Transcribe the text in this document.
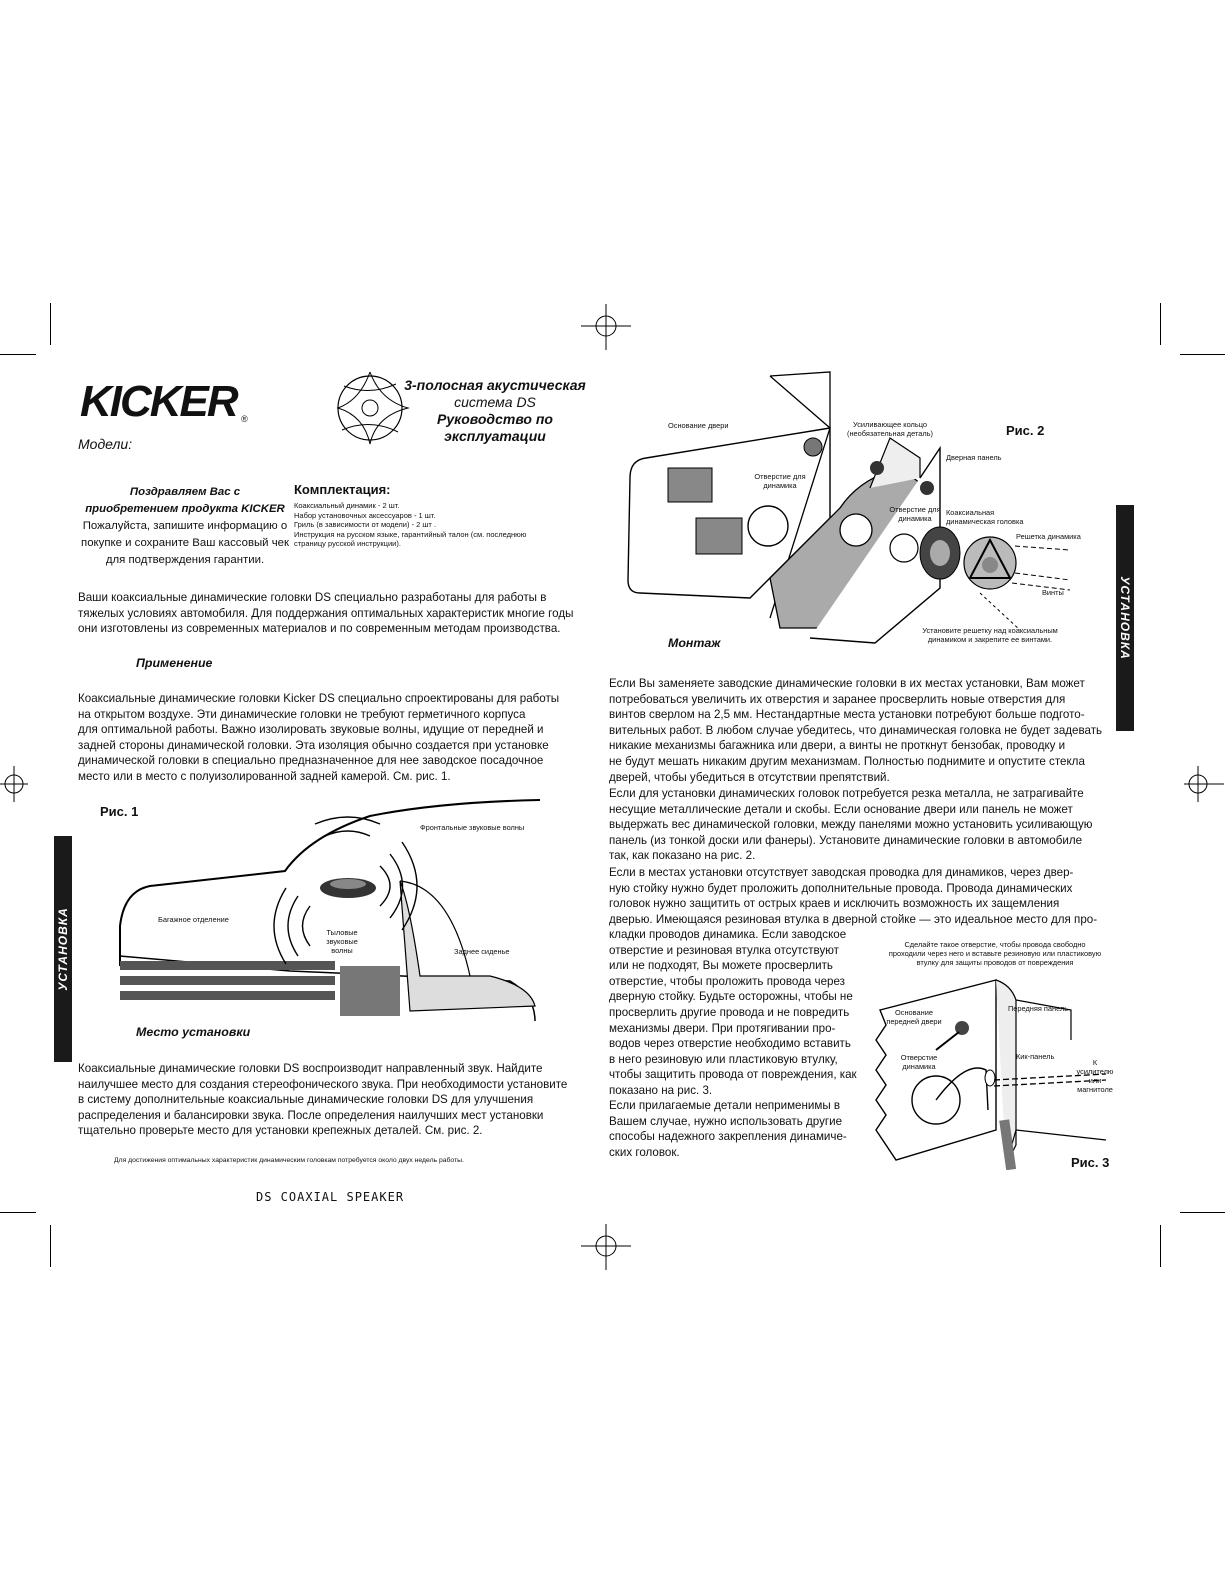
KICKER ®
3-полосная акустическая
система DS
Руководство по эксплуатации
Модели:
Поздравляем Вас с
приобретением продукта KICKER
Пожалуйста, запишите информацию о
покупке и сохраните Ваш кассовый чек
для подтверждения гарантии.
Комплектация:
Коаксиальный динамик - 2 шт.
Набор установочных аксессуаров - 1 шт.
Гриль (в зависимости от модели) - 2 шт .
Инструкция на русском языке, гарантийный талон (см. последнюю
страницу русской инструкции).

Ваши коаксиальные динамические головки DS специально разработаны для работы в

тяжелых условиях автомобиля. Для поддержания оптимальных характеристик многие годы

они изготовлены из современных материалов и по современным методам производства.

Применение

Коаксиальные динамические головки Kicker DS специально спроектированы для работы

на открытом воздухе. Эти динамические головки не требуют герметичного корпуса

для оптимальной работы. Важно изолировать звуковые волны, идущие от передней и

задней стороны динамической головки. Эта изоляция обычно создается при установке

динамической головки в специально предназначенное для нее заводское посадочное

место или в место с полуизолированной задней камерой. См. рис. 1.

УСТАНОВКА
Рис. 1
Фронтальные звуковые волны
Багажное отделение
Тыловые
звуковые
волны	Заднее сиденье
Место установки

Коаксиальные динамические головки DS воспроизводит направленный звук. Найдите

наилучшее место для создания стереофонического звука. При необходимости установите

в систему дополнительные коаксиальные динамические головки DS для улучшения

распределения и балансировки звука. После определения наилучших мест установки

тщательно проверьте место для установки крепежных деталей. См. рис. 2.

Для достижения оптимальных характеристик динамическим головкам потребуется около двух недель работы.
DS COAXIAL SPEAKER
УСТАНОВКА
Рис. 2
Основание двери	Усиливающее кольцо
(необязательная деталь)
Дверная панель
Отверстие для
динамика
Отверстие для
динамика
Коаксиальная
динамическая головка
Решетка динамика
Винты
Установите решетку над коаксиальным
динамиком и закрепите ее винтами.
Монтаж

Если Вы заменяете заводские динамические головки в их местах установки, Вам может

потребоваться увеличить их отверстия и заранее просверлить новые отверстия для

винтов сверлом на 2,5 мм. Нестандартные места установки потребуют больше подгото-

вительных работ. В любом случае убедитесь, что динамическая головка не будет задевать

никакие механизмы багажника или двери, а винты не проткнут бензобак, проводку и

не будут мешать никаким другим механизмам. Полностью поднимите и опустите стекла

дверей, чтобы убедиться в отсутствии препятствий.

Если для установки динамических головок потребуется резка металла, не затрагивайте

несущие металлические детали и скобы. Если основание двери или панель не может

выдержать вес динамической головки, между панелями можно установить усиливающую

панель (из тонкой доски или фанеры). Установите динамические головки в автомобиле

так, как показано на рис. 2.

Если в местах установки отсутствует заводская проводка для динамиков, через двер-

ную стойку нужно будет проложить дополнительные провода. Провода динамических

головок нужно защитить от острых краев и исключить возможность их защемления

дверью. Имеющаяся резиновая втулка в дверной стойке — это идеальное место для про-

кладки проводов динамика. Если заводское

отверстие и резиновая втулка отсутствуют

или не подходят, Вы можете просверлить

отверстие, чтобы проложить провода через

дверную стойку. Будьте осторожны, чтобы не

просверлить другие провода и не повредить

механизмы двери. При протягивании про-

водов через отверстие необходимо вставить

в него резиновую или пластиковую втулку,

чтобы защитить провода от повреждения, как

показано на рис. 3.

Если прилагаемые детали неприменимы в

Вашем случае, нужно использовать другие

способы надежного закрепления динамиче-

ских головок.

Сделайте такое отверстие, чтобы провода свободно
проходили через него и вставьте резиновую или пластиковую
втулку для защиты проводов от повреждения
Основание
передней двери
Передняя панель
Отверстие
динамика
Кик-панель
К
усилителю
или
магнитоле
Рис. 3
